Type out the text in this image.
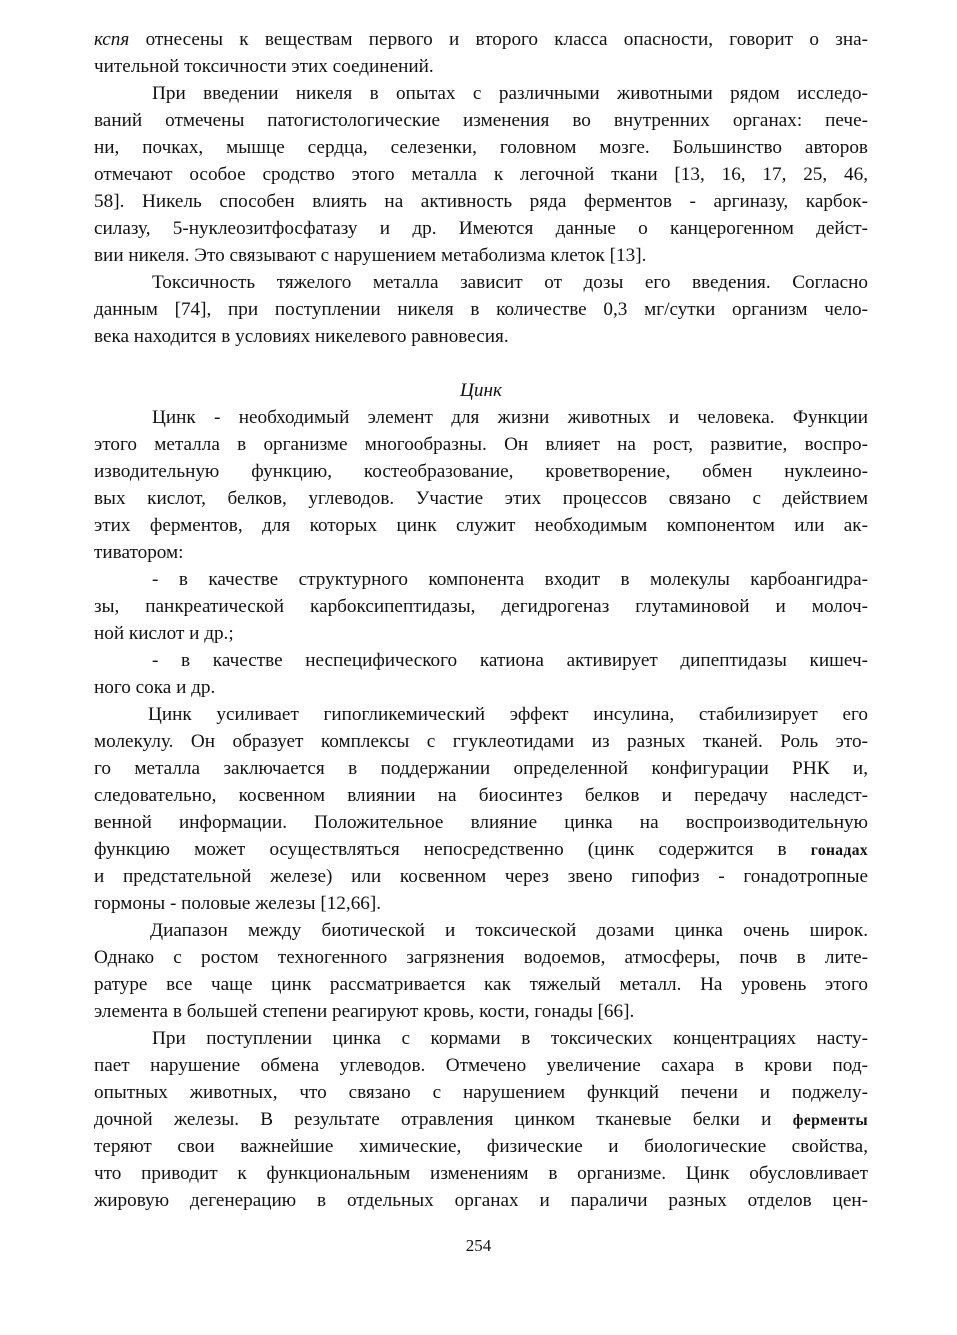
кспя отнесены к веществам первого и второго класса опасности, говорит о зна-
чительной токсичности этих соединений.
При введении никеля в опытах с различными животными рядом исследо-
ваний отмечены патогистологические изменения во внутренних органах: пече-
ни, почках, мышце сердца, селезенки, головном мозге. Большинство авторов
отмечают особое сродство этого металла к легочной ткани [13, 16, 17, 25, 46,
58]. Никель способен влиять на активность ряда ферментов - аргиназу, карбок-
силазу, 5-нуклеозитфосфатазу и др. Имеются данные о канцерогенном дейст-
вии никеля. Это связывают с нарушением метаболизма клеток [13].
Токсичность тяжелого металла зависит от дозы его введения. Согласно
данным [74], при поступлении никеля в количестве 0,3 мг/сутки организм чело-
века находится в условиях никелевого равновесия.
Цинк
Цинк - необходимый элемент для жизни животных и человека. Функции
этого металла в организме многообразны. Он влияет на рост, развитие, воспро-
изводительную функцию, костеобразование, кроветворение, обмен нуклеино-
вых кислот, белков, углеводов. Участие этих процессов связано с действием
этих ферментов, для которых цинк служит необходимым компонентом или ак-
тиватором:
- в качестве структурного компонента входит в молекулы карбоангидра-
зы, панкреатической карбоксипептидазы, дегидрогеназ глутаминовой и молоч-
ной кислот и др.;
- в качестве неспецифического катиона активирует дипептидазы кишеч-
ного сока и др.
Цинк усиливает гипогликемический эффект инсулина, стабилизирует его
молекулу. Он образует комплексы с ггуклеотидами из разных тканей. Роль это-
го металла заключается в поддержании определенной конфигурации РНК и,
следовательно, косвенном влиянии на биосинтез белков и передачу наследст-
венной информации. Положительное влияние цинка на воспроизводительную
функцию может осуществляться непосредственно (цинк содержится в гонадах
и предстательной железе) или косвенном через звено гипофиз - гонадотропные
гормоны - половые железы [12,66].
Диапазон между биотической и токсической дозами цинка очень широк.
Однако с ростом техногенного загрязнения водоемов, атмосферы, почв в лите-
ратуре все чаще цинк рассматривается как тяжелый металл. На уровень этого
элемента в большей степени реагируют кровь, кости, гонады [66].
При поступлении цинка с кормами в токсических концентрациях насту-
пает нарушение обмена углеводов. Отмечено увеличение сахара в крови под-
опытных животных, что связано с нарушением функций печени и поджелу-
дочной железы. В результате отравления цинком тканевые белки и ферменты
теряют свои важнейшие химические, физические и биологические свойства,
что приводит к функциональным изменениям в организме. Цинк обусловливает
жировую дегенерацию в отдельных органах и параличи разных отделов цен-
254
